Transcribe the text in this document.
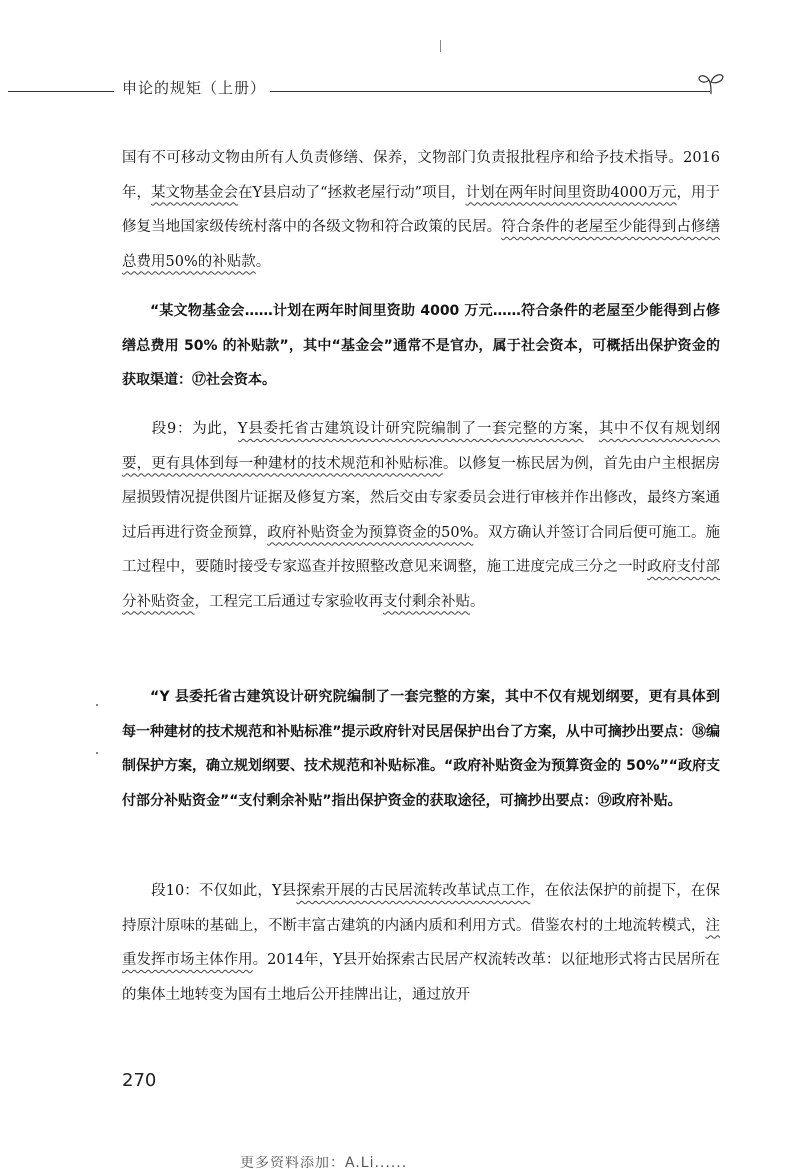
申论的规矩（上册）

国有不可移动文物由所有人负责修缮、保养，文物部门负责报批程序和给予技术指导。2016年，某文物基金会在Y县启动了“拯救老屋行动”项目，计划在两年时间里资助4000万元，用于修复当地国家级传统村落中的各级文物和符合政策的民居。符合条件的老屋至少能得到占修缮总费用50%的补贴款。

“某文物基金会……计划在两年时间里资助 4000 万元……符合条件的老屋至少能得到占修缮总费用 50% 的补贴款”，其中“基金会”通常不是官办，属于社会资本，可概括出保护资金的获取渠道：⑰社会资本。

段9：为此，Y县委托省古建筑设计研究院编制了一套完整的方案，其中不仅有规划纲要，更有具体到每一种建材的技术规范和补贴标准。以修复一栋民居为例，首先由户主根据房屋损毁情况提供图片证据及修复方案，然后交由专家委员会进行审核并作出修改，最终方案通过后再进行资金预算，政府补贴资金为预算资金的50%。双方确认并签订合同后便可施工。施工过程中，要随时接受专家巡查并按照整改意见来调整，施工进度完成三分之一时政府支付部分补贴资金，工程完工后通过专家验收再支付剩余补贴。

“Y 县委托省古建筑设计研究院编制了一套完整的方案，其中不仅有规划纲要，更有具体到每一种建材的技术规范和补贴标准”提示政府针对民居保护出台了方案，从中可摘抄出要点：⑱编制保护方案，确立规划纲要、技术规范和补贴标准。“政府补贴资金为预算资金的 50%”“政府支付部分补贴资金”“支付剩余补贴”指出保护资金的获取途径，可摘抄出要点：⑲政府补贴。

段10：不仅如此，Y县探索开展的古民居流转改革试点工作，在依法保护的前提下，在保持原汁原味的基础上，不断丰富古建筑的内涵内质和利用方式。借鉴农村的土地流转模式，注重发挥市场主体作用。2014年，Y县开始探索古民居产权流转改革：以征地形式将古民居所在的集体土地转变为国有土地后公开挂牌出让，通过放开

270
更多资料添加：A.Li......
